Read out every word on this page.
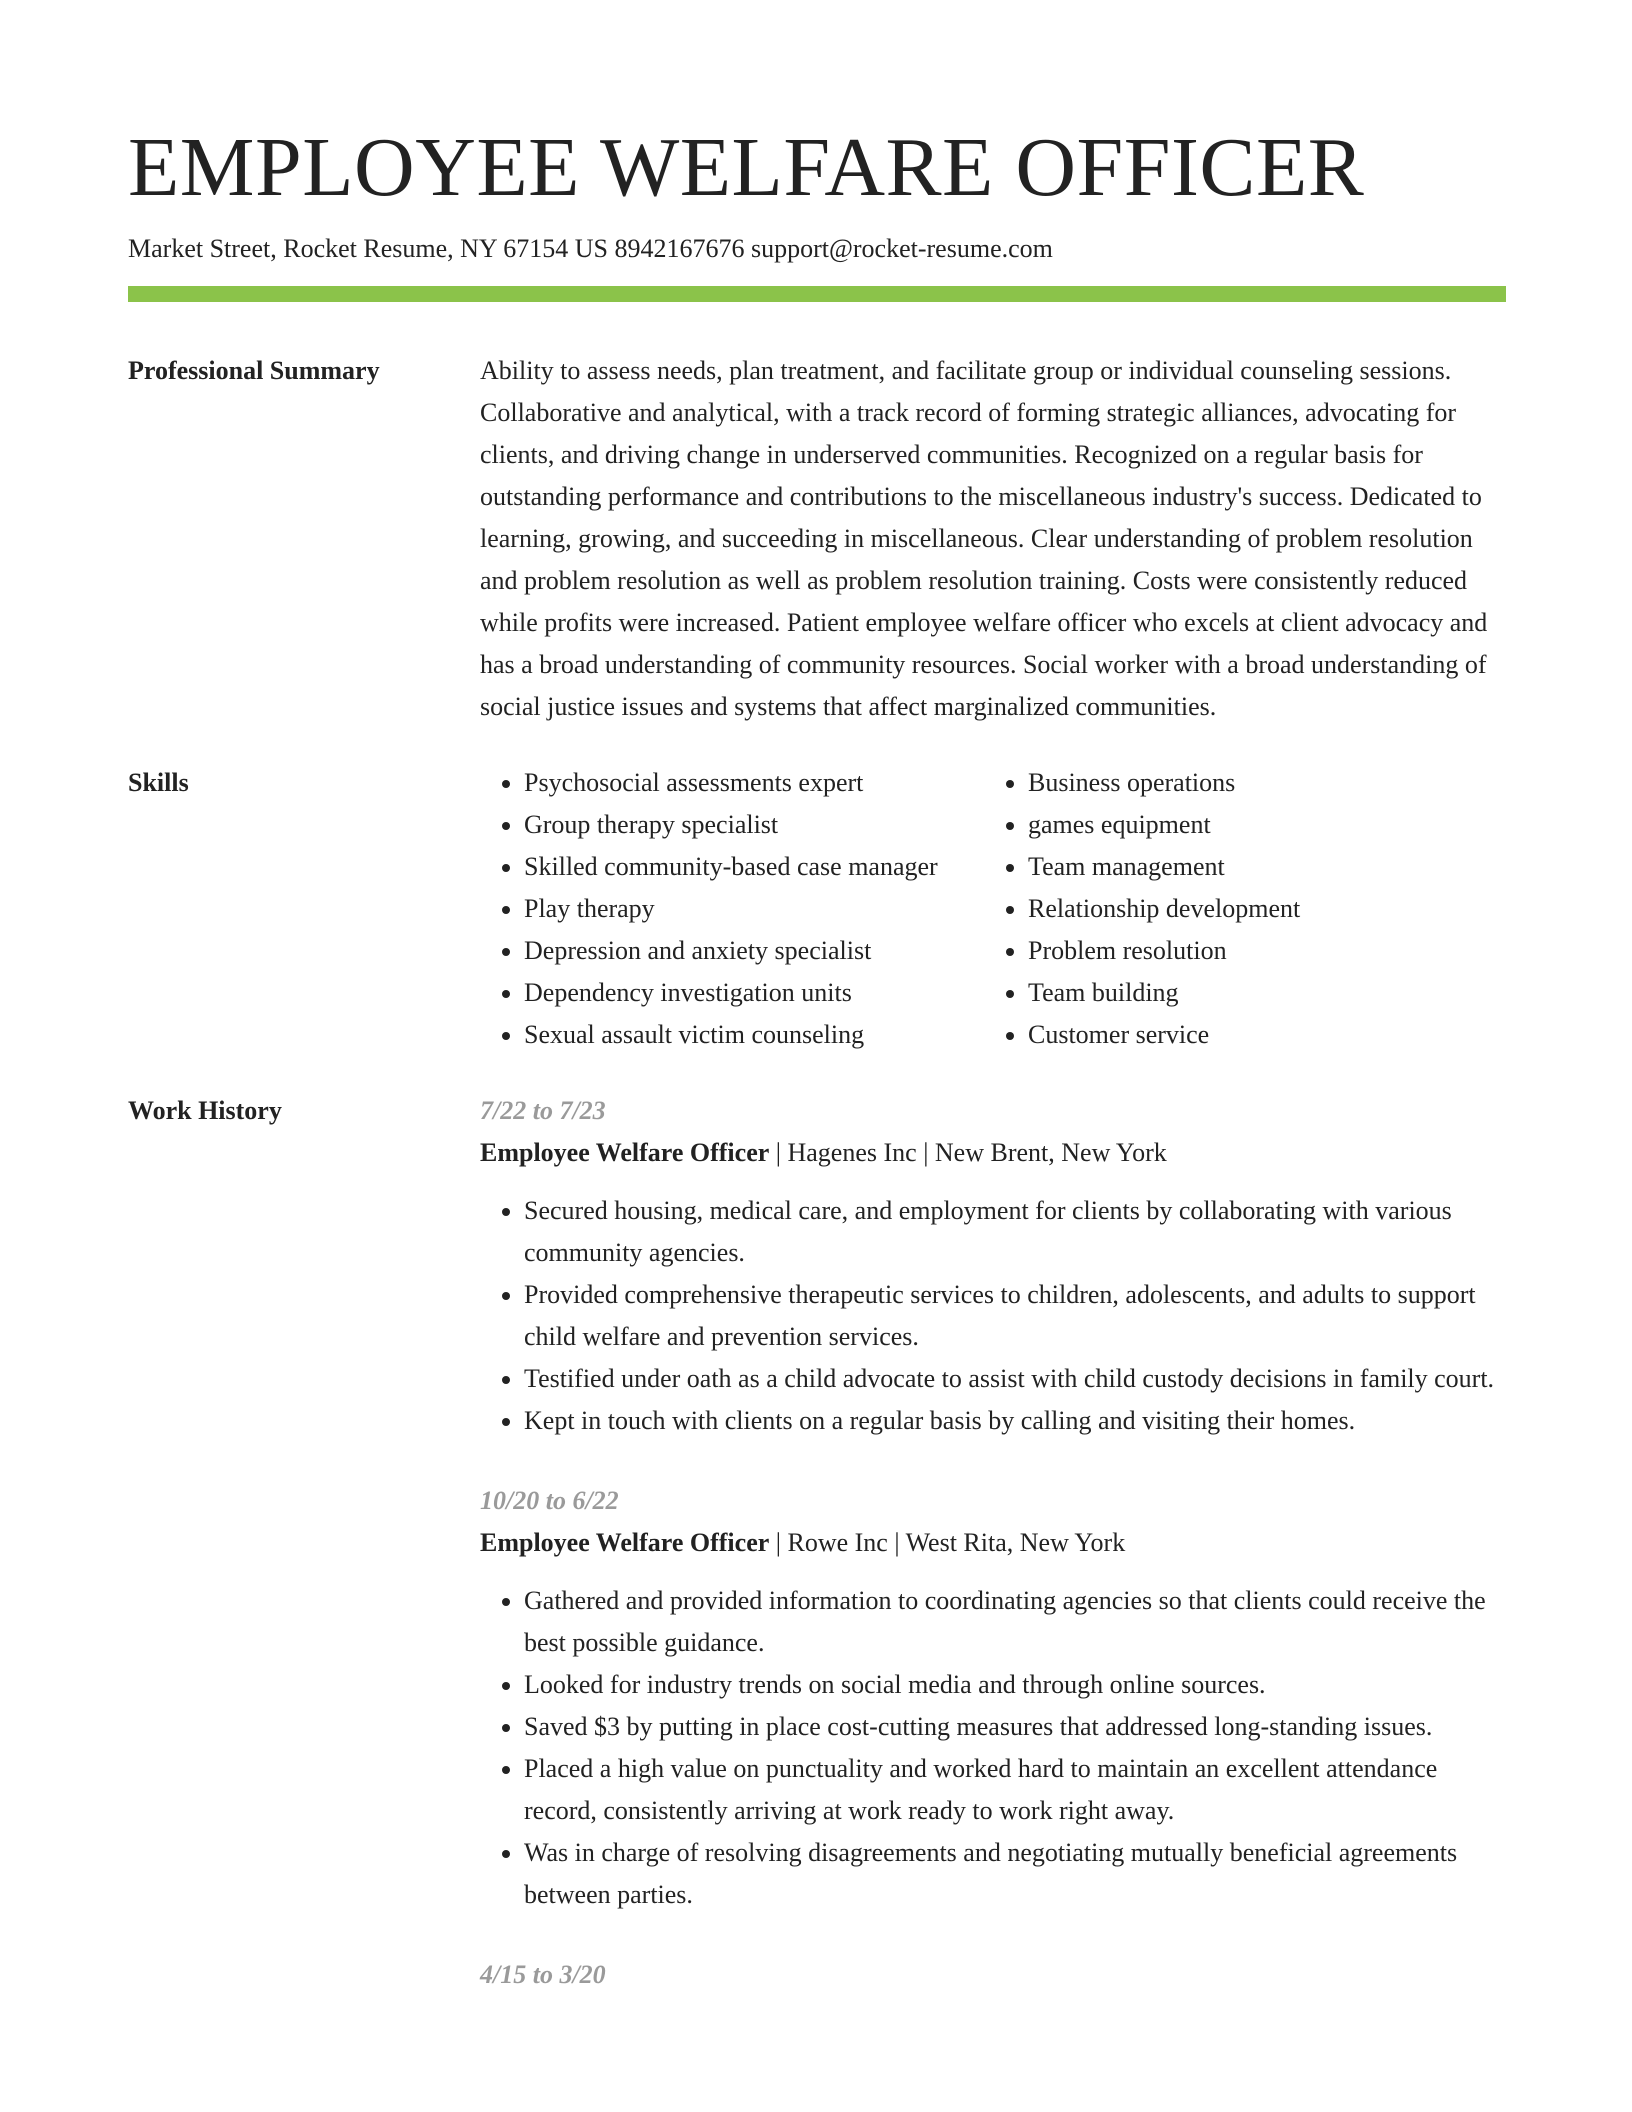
EMPLOYEE WELFARE OFFICER
Market Street, Rocket Resume, NY 67154 US 8942167676 support@rocket-resume.com
Professional Summary	Ability to assess needs, plan treatment, and facilitate group or individual counseling sessions. Collaborative and analytical, with a track record of forming strategic alliances, advocating for clients, and driving change in underserved communities. Recognized on a regular basis for outstanding performance and contributions to the miscellaneous industry's success. Dedicated to learning, growing, and succeeding in miscellaneous. Clear understanding of problem resolution and problem resolution as well as problem resolution training. Costs were consistently reduced while profits were increased. Patient employee welfare officer who excels at client advocacy and has a broad understanding of community resources. Social worker with a broad understanding of social justice issues and systems that affect marginalized communities.
Skills
•	Psychosocial assessments expert
• Group therapy specialist
• Skilled community-based case manager
• Play therapy
• Depression and anxiety specialist
• Dependency investigation units
• Sexual assault victim counseling
• Business operations
• games equipment
• Team management
• Relationship development
• Problem resolution
• Team building
• Customer service
Work History	7/22 to 7/23
Employee Welfare Officer | Hagenes Inc | New Brent, New York
• Secured housing, medical care, and employment for clients by collaborating with various community agencies.
• Provided comprehensive therapeutic services to children, adolescents, and adults to support child welfare and prevention services.
• Testified under oath as a child advocate to assist with child custody decisions in family court.
• Kept in touch with clients on a regular basis by calling and visiting their homes.
10/20 to 6/22
Employee Welfare Officer | Rowe Inc | West Rita, New York
• Gathered and provided information to coordinating agencies so that clients could receive the best possible guidance.
• Looked for industry trends on social media and through online sources.
• Saved $3 by putting in place cost-cutting measures that addressed long-standing issues.
• Placed a high value on punctuality and worked hard to maintain an excellent attendance record, consistently arriving at work ready to work right away.
• Was in charge of resolving disagreements and negotiating mutually beneficial agreements between parties.
4/15 to 3/20
